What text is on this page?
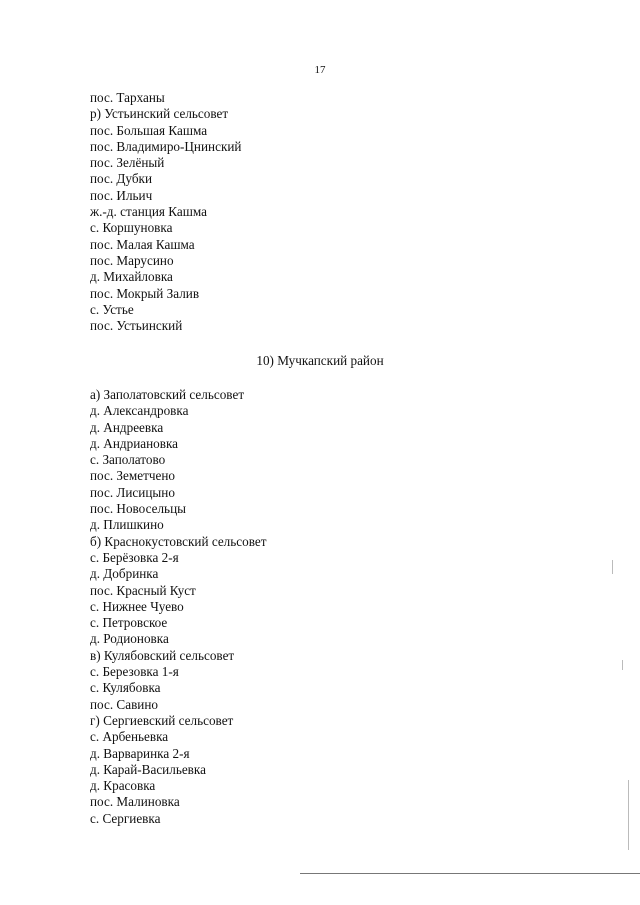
17
пос. Тарханы
р) Устьинский сельсовет
пос. Большая Кашма
пос. Владимиро-Цнинский
пос. Зелёный
пос. Дубки
пос. Ильич
ж.-д. станция Кашма
с. Коршуновка
пос. Малая Кашма
пос. Марусино
д. Михайловка
пос. Мокрый Залив
с. Устье
пос. Устьинский
10) Мучкапский район
а) Заполатовский сельсовет
д. Александровка
д. Андреевка
д. Андриановка
с. Заполатово
пос. Земетчено
пос. Лисицыно
пос. Новосельцы
д. Плишкино
б) Краснокустовский сельсовет
с. Берёзовка 2-я
д. Добринка
пос. Красный Куст
с. Нижнее Чуево
с. Петровское
д. Родионовка
в) Кулябовский сельсовет
с. Березовка 1-я
с. Кулябовка
пос. Савино
г) Сергиевский сельсовет
с. Арбеньевка
д. Варваринка 2-я
д. Карай-Васильевка
д. Красовка
пос. Малиновка
с. Сергиевка
